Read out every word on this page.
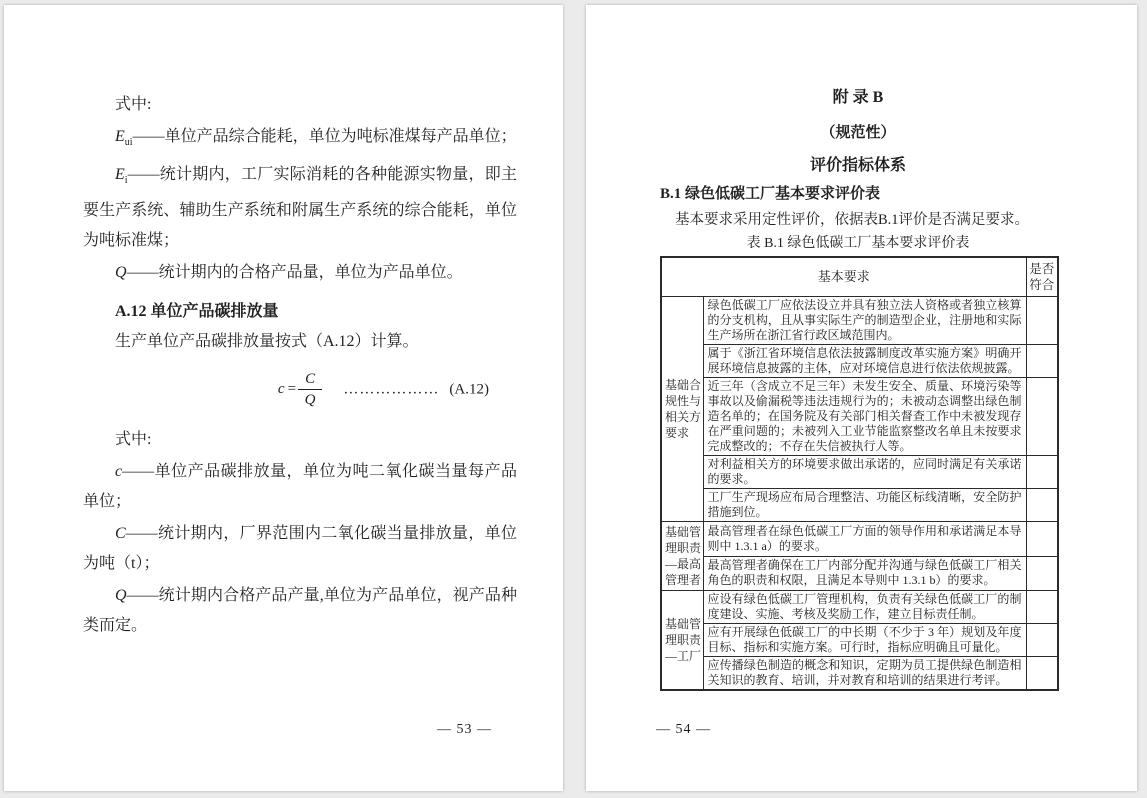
式中:

$E_{ui}——$单位产品综合能耗，单位为吨标准煤每产品单位；

$E_i——$统计期内，工厂实际消耗的各种能源实物量，即主要生产系统、辅助生产系统和附属生产系统的综合能耗，单位为吨标准煤；

Q——统计期内的合格产品量，单位为产品单位。

A.12 单位产品碳排放量

生产单位产品碳排放量按式（A.12）计算。

$c = \frac{C}{Q}$ ……………… (A.12)

式中:

c——单位产品碳排放量，单位为吨二氧化碳当量每产品单位；

C——统计期内，厂界范围内二氧化碳当量排放量，单位为吨（t）；

Q——统计期内合格产品产量,单位为产品单位，视产品种类而定。

— 53 —

附 录 B

（规范性）

评价指标体系

B.1 绿色低碳工厂基本要求评价表

基本要求采用定性评价，依据表B.1评价是否满足要求。

表 B.1 绿色低碳工厂基本要求评价表

基本要求		是否符合
基础合规性与相关方要求	绿色低碳工厂应依法设立并具有独立法人资格或者独立核算的分支机构，且从事实际生产的制造型企业，注册地和实际生产场所在浙江省行政区域范围内。	
	属于《浙江省环境信息依法披露制度改革实施方案》明确开展环境信息披露的主体，应对环境信息进行依法依规披露。	
	近三年（含成立不足三年）未发生安全、质量、环境污染等事故以及偷漏税等违法违规行为的；未被动态调整出绿色制造名单的；在国务院及有关部门相关督查工作中未被发现存在严重问题的；未被列入工业节能监察整改名单且未按要求完成整改的；不存在失信被执行人等。	
	对利益相关方的环境要求做出承诺的，应同时满足有关承诺的要求。	
	工厂生产现场应布局合理整洁、功能区标线清晰，安全防护措施到位。	
基础管理职责—最高管理者	最高管理者在绿色低碳工厂方面的领导作用和承诺满足本导则中 1.3.1 a）的要求。	
	最高管理者确保在工厂内部分配并沟通与绿色低碳工厂相关角色的职责和权限，且满足本导则中 1.3.1 b）的要求。	
基础管理职责—工厂	应设有绿色低碳工厂管理机构，负责有关绿色低碳工厂的制度建设、实施、考核及奖励工作，建立目标责任制。	
	应有开展绿色低碳工厂的中长期（不少于 3 年）规划及年度目标、指标和实施方案。可行时，指标应明确且可量化。	
	应传播绿色制造的概念和知识，定期为员工提供绿色制造相关知识的教育、培训，并对教育和培训的结果进行考评。	
— 54 —
